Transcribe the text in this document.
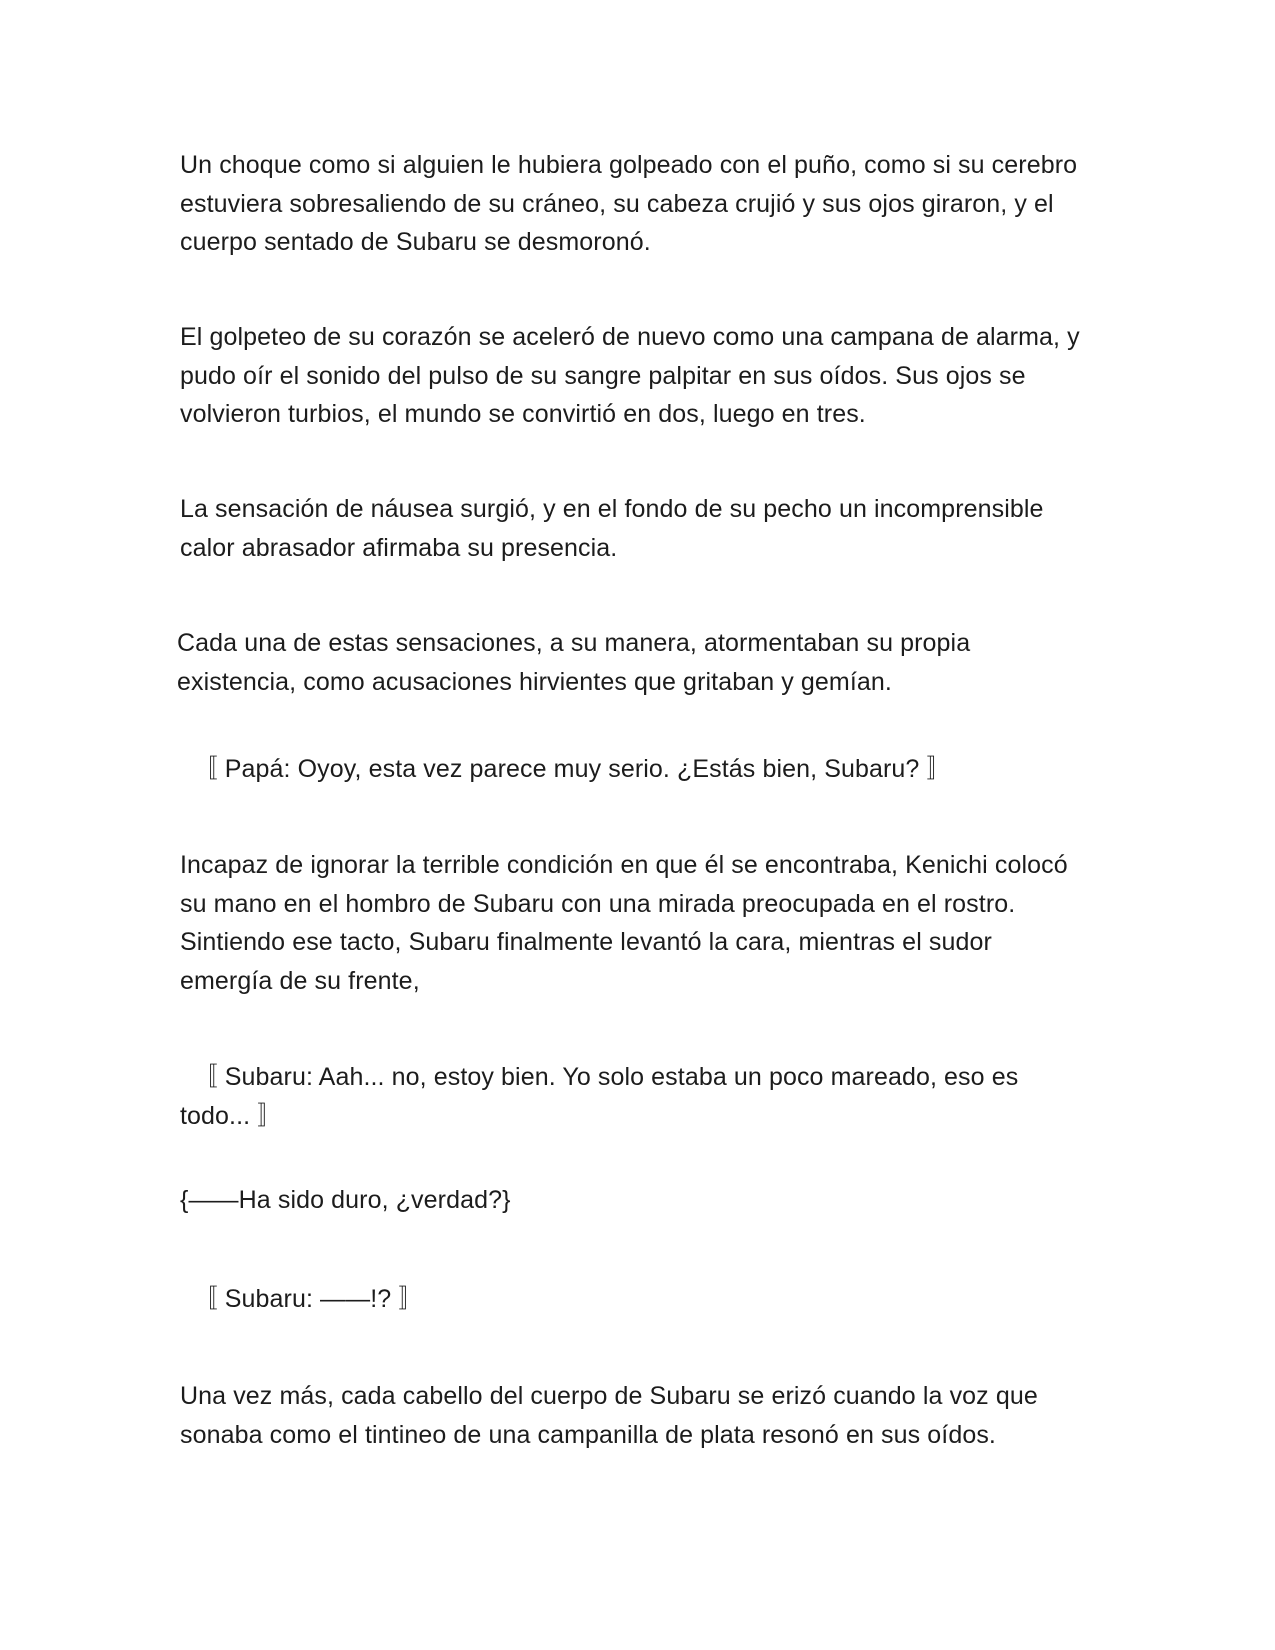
Un choque como si alguien le hubiera golpeado con el puño, como si su cerebro estuviera sobresaliendo de su cráneo, su cabeza crujió y sus ojos giraron, y el cuerpo sentado de Subaru se desmoronó.

El golpeteo de su corazón se aceleró de nuevo como una campana de alarma, y pudo oír el sonido del pulso de su sangre palpitar en sus oídos. Sus ojos se volvieron turbios, el mundo se convirtió en dos, luego en tres.

La sensación de náusea surgió, y en el fondo de su pecho un incomprensible calor abrasador afirmaba su presencia.

Cada una de estas sensaciones, a su manera, atormentaban su propia existencia, como acusaciones hirvientes que gritaban y gemían.

　〚 Papá: Oyoy, esta vez parece muy serio. ¿Estás bien, Subaru? 〛

Incapaz de ignorar la terrible condición en que él se encontraba, Kenichi colocó su mano en el hombro de Subaru con una mirada preocupada en el rostro. Sintiendo ese tacto, Subaru finalmente levantó la cara, mientras el sudor emergía de su frente,

　〚 Subaru: Aah... no, estoy bien. Yo solo estaba un poco mareado, eso es todo... 〛

{——Ha sido duro, ¿verdad?}

　〚 Subaru: ——!? 〛

Una vez más, cada cabello del cuerpo de Subaru se erizó cuando la voz que sonaba como el tintineo de una campanilla de plata resonó en sus oídos.
